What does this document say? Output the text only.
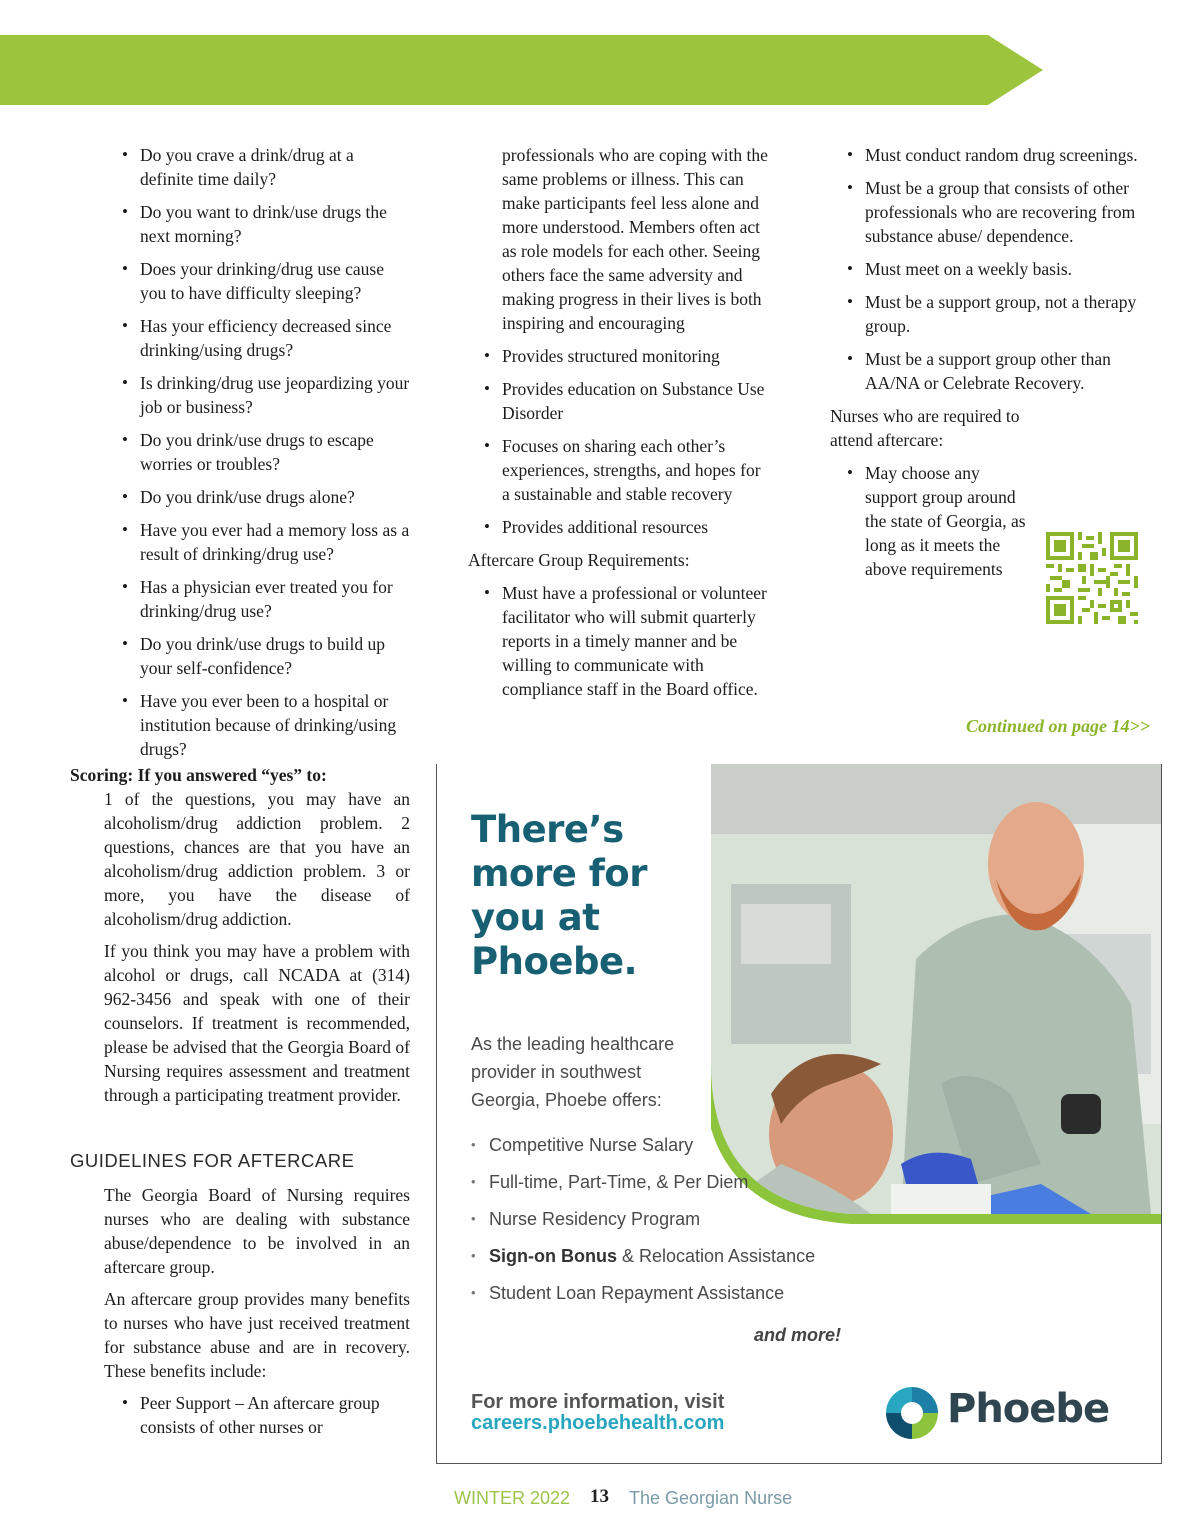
• Do you crave a drink/drug at a definite time daily?
• Do you want to drink/use drugs the next morning?
• Does your drinking/drug use cause you to have difficulty sleeping?
• Has your efficiency decreased since drinking/using drugs?
• Is drinking/drug use jeopardizing your job or business?
• Do you drink/use drugs to escape worries or troubles?
• Do you drink/use drugs alone?
• Have you ever had a memory loss as a result of drinking/drug use?
• Has a physician ever treated you for drinking/drug use?
• Do you drink/use drugs to build up your self-confidence?
• Have you ever been to a hospital or institution because of drinking/using drugs?
Scoring: If you answered “yes” to:
1 of the questions, you may have an alcoholism/drug addiction problem. 2 questions, chances are that you have an alcoholism/drug addiction problem. 3 or more, you have the disease of alcoholism/drug addiction.
If you think you may have a problem with alcohol or drugs, call NCADA at (314) 962-3456 and speak with one of their counselors. If treatment is recommended, please be advised that the Georgia Board of Nursing requires assessment and treatment through a participating treatment provider.
GUIDELINES FOR AFTERCARE
The Georgia Board of Nursing requires nurses who are dealing with substance abuse/dependence to be involved in an aftercare group.
An aftercare group provides many benefits to nurses who have just received treatment for substance abuse and are in recovery. These benefits include:
• Peer Support – An aftercare group consists of other nurses or
professionals who are coping with the same problems or illness. This can make participants feel less alone and more understood. Members often act as role models for each other. Seeing others face the same adversity and making progress in their lives is both inspiring and encouraging
• Provides structured monitoring
• Provides education on Substance Use Disorder
• Focuses on sharing each other’s experiences, strengths, and hopes for a sustainable and stable recovery
• Provides additional resources
Aftercare Group Requirements:
• Must have a professional or volunteer facilitator who will submit quarterly reports in a timely manner and be willing to communicate with compliance staff in the Board office.
• Must conduct random drug screenings.
• Must be a group that consists of other professionals who are recovering from substance abuse/ dependence.
• Must meet on a weekly basis.
• Must be a support group, not a therapy group.
• Must be a support group other than AA/NA or Celebrate Recovery.
Nurses who are required to attend aftercare:
• May choose any support group around the state of Georgia, as long as it meets the above requirements
Continued on page 14>>
There’s more for you at Phoebe.
As the leading healthcare provider in southwest Georgia, Phoebe offers:
• Competitive Nurse Salary
• Full-time, Part-Time, & Per Diem
• Nurse Residency Program
• Sign-on Bonus & Relocation Assistance
• Student Loan Repayment Assistance
and more!
For more information, visit
careers.phoebehealth.com	Phoebe
WINTER 2022 13 The Georgian Nurse
